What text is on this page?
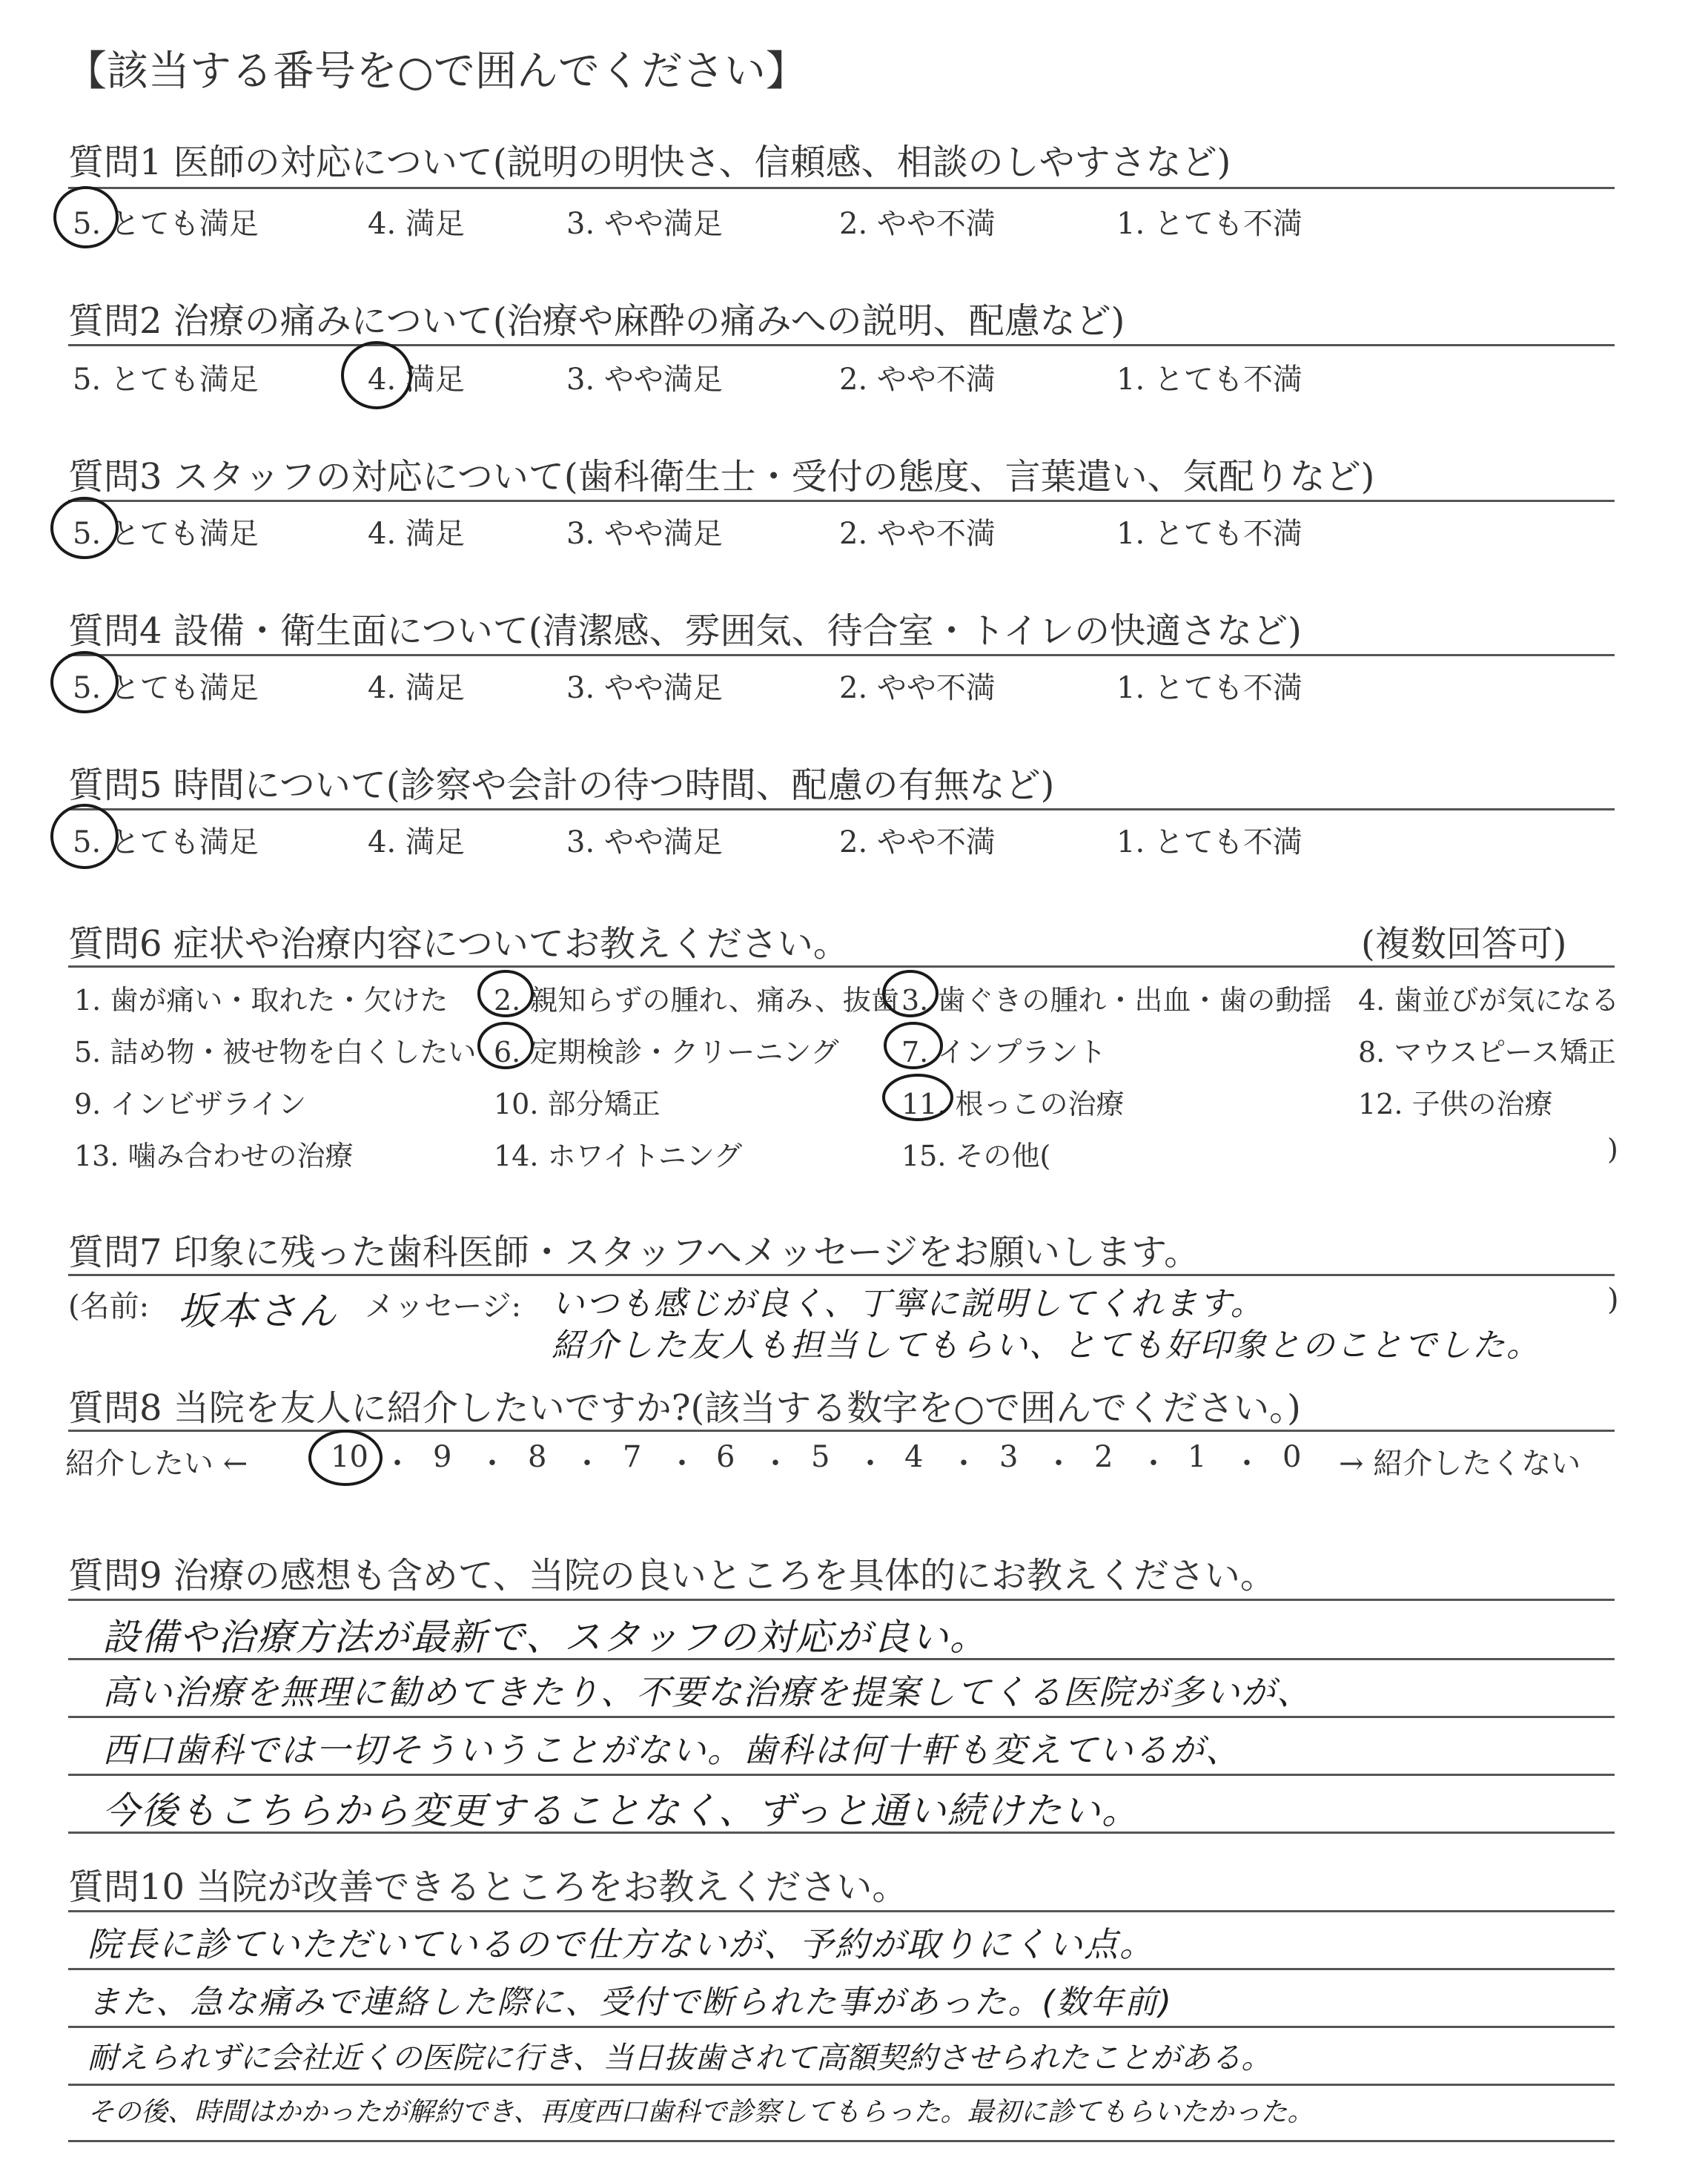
【該当する番号を○で囲んでください】
質問1 医師の対応について(説明の明快さ、信頼感、相談のしやすさなど)
5. とても満足	4. 満足	3. やや満足	2. やや不満	1. とても不満
質問2 治療の痛みについて(治療や麻酔の痛みへの説明、配慮など)
5. とても満足	4. 満足	3. やや満足	2. やや不満	1. とても不満
質問3 スタッフの対応について(歯科衛生士・受付の態度、言葉遣い、気配りなど)
5. とても満足	4. 満足	3. やや満足	2. やや不満	1. とても不満
質問4 設備・衛生面について(清潔感、雰囲気、待合室・トイレの快適さなど)
5. とても満足	4. 満足	3. やや満足	2. やや不満	1. とても不満
質問5 時間について(診察や会計の待つ時間、配慮の有無など)
5. とても満足	4. 満足	3. やや満足	2. やや不満	1. とても不満
質問6 症状や治療内容についてお教えください。	(複数回答可)
1. 歯が痛い・取れた・欠けた 2. 親知らずの腫れ、痛み、抜歯 3. 歯ぐきの腫れ・出血・歯の動揺 4. 歯並びが気になる
5. 詰め物・被せ物を白くしたい 6. 定期検診・クリーニング 7. インプラント	8. マウスピース矯正
9. インビザライン	10. 部分矯正	11. 根っこの治療	12. 子供の治療
13. 噛み合わせの治療	14. ホワイトニング	15. その他(	)
質問7 印象に残った歯科医師・スタッフへメッセージをお願いします。
(名前: 坂本さん メッセージ: いつも感じが良く、丁寧に説明してくれます。
紹介した友人も担当してもらい、とても好印象とのことでした。
)
質問8 当院を友人に紹介したいですか?(該当する数字を○で囲んでください。)
紹介したい ←	10 ・ 9 ・ 8 ・ 7 ・ 6 ・ 5 ・ 4 ・ 3 ・ 2 ・ 1 ・ 0 → 紹介したくない
質問9 治療の感想も含めて、当院の良いところを具体的にお教えください。
設備や治療方法が最新で、スタッフの対応が良い。
高い治療を無理に勧めてきたり、不要な治療を提案してくる医院が多いが、
西口歯科では一切そういうことがない。歯科は何十軒も変えているが、
今後もこちらから変更することなく、ずっと通い続けたい。
質問10 当院が改善できるところをお教えください。
院長に診ていただいているので仕方ないが、予約が取りにくい点。
また、急な痛みで連絡した際に、受付で断られた事があった。(数年前)
耐えられずに会社近くの医院に行き、当日抜歯されて高額契約させられたことがある。
その後、時間はかかったが解約でき、再度西口歯科で診察してもらった。最初に診てもらいたかった。
